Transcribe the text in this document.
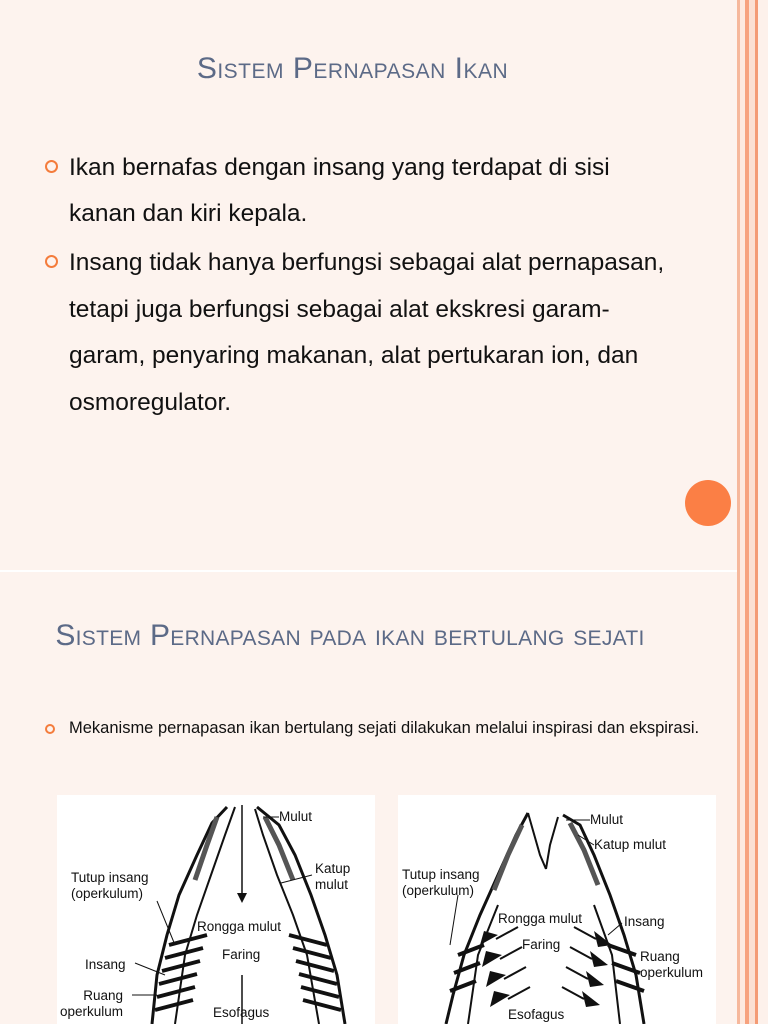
Sistem Pernapasan Ikan
Ikan bernafas dengan insang yang terdapat di sisi kanan dan kiri kepala.
Insang tidak hanya berfungsi sebagai alat pernapasan, tetapi juga berfungsi sebagai alat ekskresi garam-garam, penyaring makanan, alat pertukaran ion, dan osmoregulator.
Sistem Pernapasan pada ikan bertulang sejati
Mekanisme pernapasan ikan bertulang sejati dilakukan melalui inspirasi dan ekspirasi.
Mulut
Katup
mulut
Tutup insang
(operkulum)
Rongga mulut
Faring
Insang
Ruang
operkulum	Esofagus
Mulut
Katup mulut
Tutup insang
(operkulum)
Rongga mulut	Insang
Faring
Ruang
operkulum
Esofagus
